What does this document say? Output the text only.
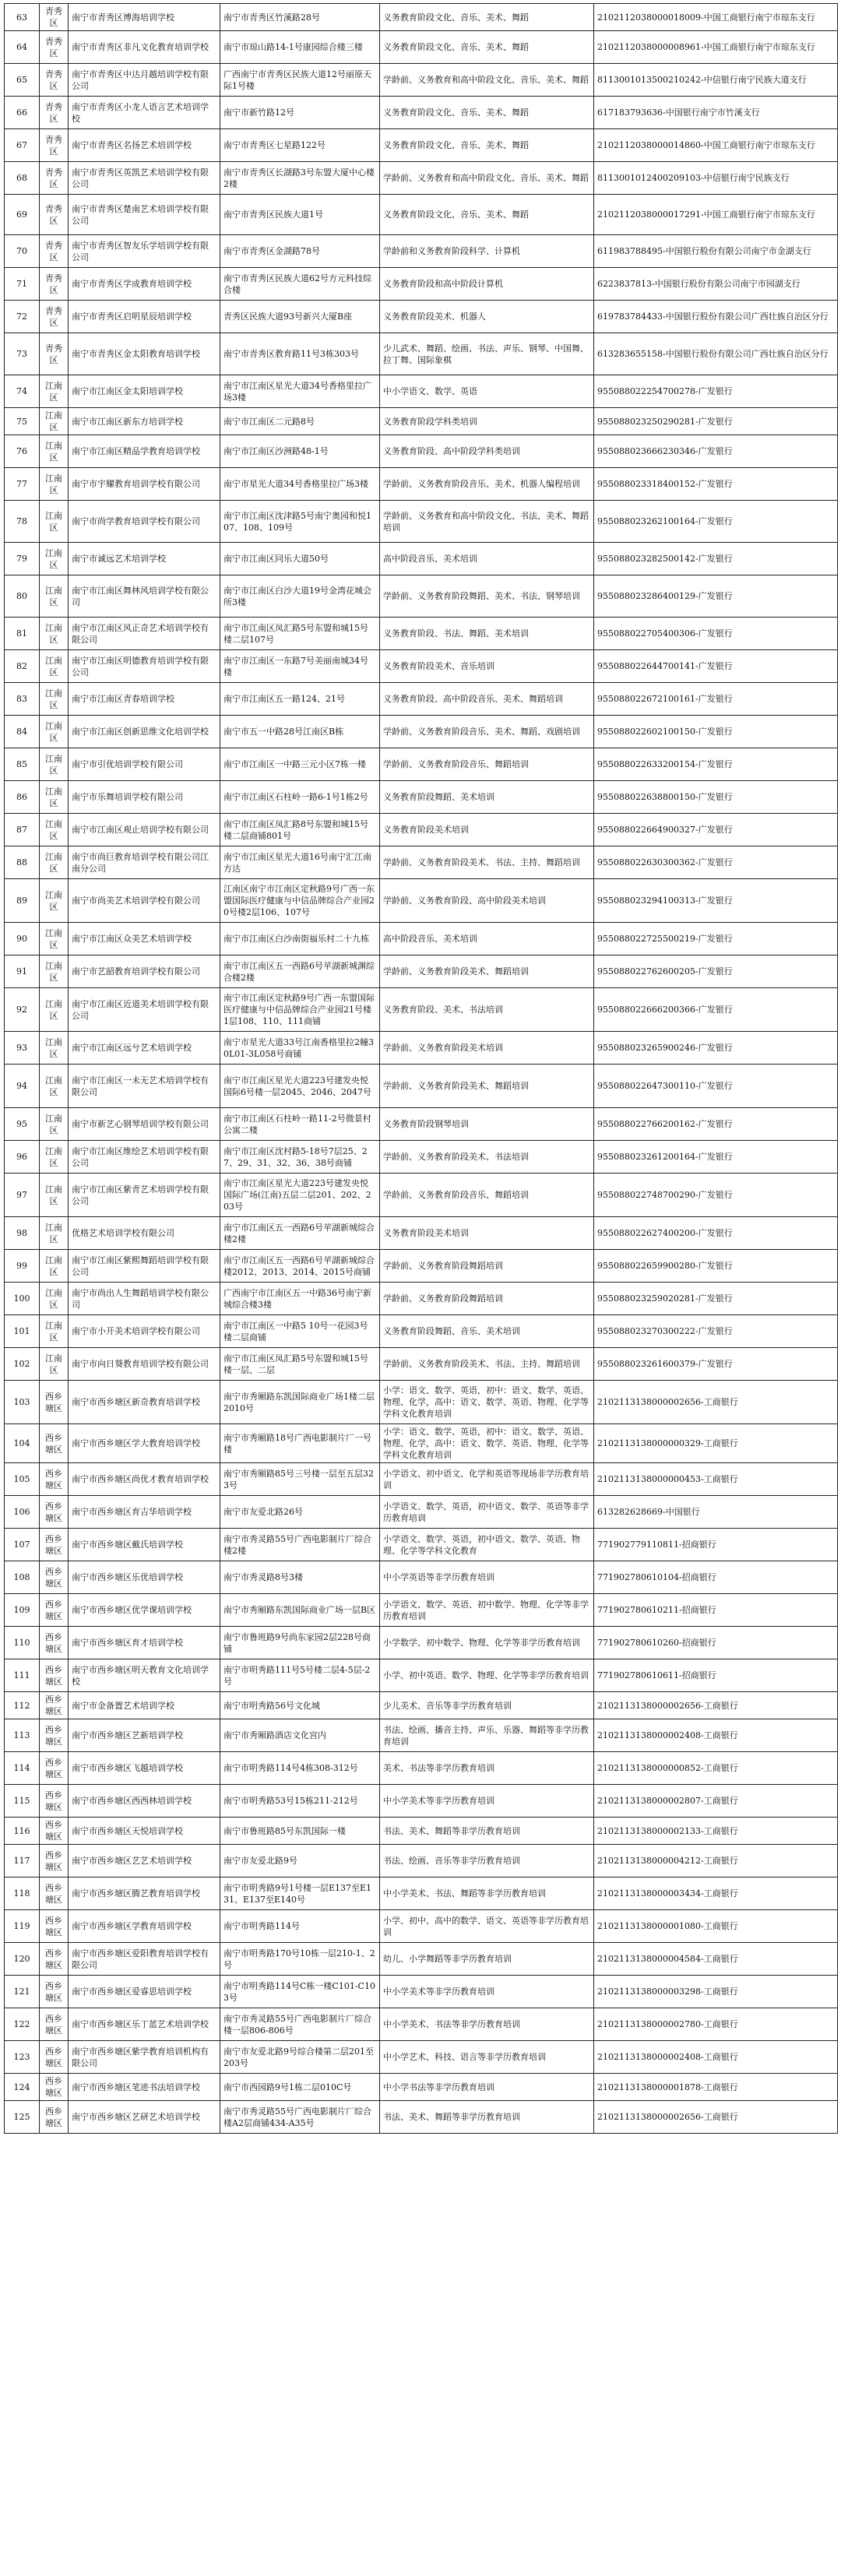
63	青秀区	南宁市青秀区博海培训学校	南宁市青秀区竹溪路28号	义务教育阶段文化、音乐、美术、舞蹈	2102112038000018009-中国工商银行南宁市琼东支行
64	青秀区	南宁市青秀区非凡文化教育培训学校	南宁市琼山路14-1号康园综合楼三楼	义务教育阶段文化、音乐、美术、舞蹈	2102112038000008961-中国工商银行南宁市琼东支行
65	青秀区	南宁市青秀区中达月越培训学校有限公司	广西南宁市青秀区民族大道12号丽原天际1号楼	学龄前、义务教育和高中阶段文化、音乐、美术、舞蹈	8113001013500210242-中信银行南宁民族大道支行
66	青秀区	南宁市青秀区小龙人语言艺术培训学校	南宁市新竹路12号	义务教育阶段文化、音乐、美术、舞蹈	617183793636-中国银行南宁市竹溪支行
67	青秀区	南宁市青秀区名扬艺术培训学校	南宁市青秀区七星路122号	义务教育阶段文化、音乐、美术、舞蹈	2102112038000014860-中国工商银行南宁市琼东支行
68	青秀区	南宁市青秀区英凯艺术培训学校有限公司	南宁市青秀区长湖路3号东盟大厦中心楼2楼	学龄前、义务教育和高中阶段文化、音乐、美术、舞蹈	8113001012400209103-中信银行南宁民族支行
69	青秀区	南宁市青秀区楚南艺术培训学校有限公司	南宁市青秀区民族大道1号	义务教育阶段文化、音乐、美术、舞蹈	2102112038000017291-中国工商银行南宁市琼东支行
70	青秀区	南宁市青秀区智友乐学培训学校有限公司	南宁市青秀区金湖路78号	学龄前和义务教育阶段科学、计算机	611983788495-中国银行股份有限公司南宁市金湖支行
71	青秀区	南宁市青秀区学成教育培训学校	南宁市青秀区民族大道62号方元科技综合楼	义务教育阶段和高中阶段计算机	6223837813-中国银行股份有限公司南宁市园湖支行
72	青秀区	南宁市青秀区启明星辰培训学校	青秀区民族大道93号新兴大厦B座	义务教育阶段美术、机器人	619783784433-中国银行股份有限公司广西壮族自治区分行
73	青秀区	南宁市青秀区金太阳教育培训学校	南宁市青秀区教育路11号3栋303号	少儿武术、舞蹈、绘画、书法、声乐、钢琴、中国舞、拉丁舞、国际象棋	613283655158-中国银行股份有限公司广西壮族自治区分行
74	江南区	南宁市江南区金太阳培训学校	南宁市江南区星光大道34号香格里拉广场3楼	中小学语文、数学、英语	955088022254700278-广发银行
75	江南区	南宁市江南区新东方培训学校	南宁市江南区二元路8号	义务教育阶段学科类培训	955088023250290281-广发银行
76	江南区	南宁市江南区精品学教育培训学校	南宁市江南区沙洲路48-1号	义务教育阶段、高中阶段学科类培训	955088023666230346-广发银行
77	江南区	南宁市宇耀教育培训学校有限公司	南宁市星光大道34号香格里拉广场3楼	学龄前、义务教育阶段音乐、美术、机器人编程培训	955088023318400152-广发银行
78	江南区	南宁市尚学教育培训学校有限公司	南宁市江南区沈津路5号南宁奥园和悦107、108、109号	学龄前、义务教育和高中阶段文化、书法、美术、舞蹈培训	955088023262100164-广发银行
79	江南区	南宁市诚远艺术培训学校	南宁市江南区同乐大道50号	高中阶段音乐、美术培训	955088023282500142-广发银行
80	江南区	南宁市江南区舞林风培训学校有限公司	南宁市江南区白沙大道19号金湾花城会所3楼	学龄前、义务教育阶段舞蹈、美术、书法、钢琴培训	955088023286400129-广发银行
81	江南区	南宁市江南区风正奇艺术培训学校有限公司	南宁市江南区凤汇路5号东盟和城15号楼二层107号	义务教育阶段、书法、舞蹈、美术培训	955088022705400306-广发银行
82	江南区	南宁市江南区明德教育培训学校有限公司	南宁市江南区一东路7号美丽南城34号楼	义务教育阶段美术、音乐培训	955088022644700141-广发银行
83	江南区	南宁市江南区青春培训学校	南宁市江南区五一路124、21号	义务教育阶段、高中阶段音乐、美术、舞蹈培训	955088022672100161-广发银行
84	江南区	南宁市江南区创新思维文化培训学校	南宁市五一中路28号江南区B栋	学龄前、义务教育阶段音乐、美术、舞蹈、戏剧培训	955088022602100150-广发银行
85	江南区	南宁市引优培训学校有限公司	南宁市江南区一中路三元小区7栋一楼	学龄前、义务教育阶段音乐、舞蹈培训	955088022633200154-广发银行
86	江南区	南宁市乐舞培训学校有限公司	南宁市江南区石柱岭一路6-1号1栋2号	义务教育阶段舞蹈、美术培训	955088022638800150-广发银行
87	江南区	南宁市江南区观止培训学校有限公司	南宁市江南区凤汇路8号东盟和城15号楼二层商铺801号	义务教育阶段美术培训	955088022664900327-广发银行
88	江南区	南宁市尚巨教育培训学校有限公司江南分公司	南宁市江南区星光大道16号南宁汇江南方达	学龄前、义务教育阶段美术、书法、主持、舞蹈培训	955088022630300362-广发银行
89	江南区	南宁市尚美艺术培训学校有限公司	江南区南宁市江南区定秋路9号广西一东盟国际医疗健康与中信品牌综合产业园20号楼2层106、107号	学龄前、义务教育阶段、高中阶段美术培训	955088023294100313-广发银行
90	江南区	南宁市江南区众美艺术培训学校	南宁市江南区白沙南街福乐村二十九栋	高中阶段音乐、美术培训	955088022725500219-广发银行
91	江南区	南宁市艺韶教育培训学校有限公司	南宁市江南区五一西路6号苹湖新城渊综合楼2楼	学龄前、义务教育阶段美术、舞蹈培训	955088022762600205-广发银行
92	江南区	南宁市江南区近道美术培训学校有限公司	南宁市江南区定秋路9号广西一东盟国际医疗健康与中信品牌综合产业园21号楼1层108、110、111商铺	义务教育阶段、美术、书法培训	955088022666200366-广发银行
93	江南区	南宁市江南区远兮艺术培训学校	南宁市星光大道33号江南香格里拉2幢30L01-3L058号商铺	学龄前、义务教育阶段美术培训	955088023265900246-广发银行
94	江南区	南宁市江南区一未无艺术培训学校有限公司	南宁市江南区星光大道223号建发央悦国际6号楼一层2045、2046、2047号	学龄前、义务教育阶段美术、舞蹈培训	955088022647300110-广发银行
95	江南区	南宁市新艺心钢琴培训学校有限公司	南宁市江南区石柱岭一路11-2号微景村公寓二楼	义务教育阶段钢琴培训	955088022766200162-广发银行
96	江南区	南宁市江南区维绘艺术培训学校有限公司	南宁市江南区沈村路5-18号7层25、27、29、31、32、36、38号商铺	学龄前、义务教育阶段美术、书法培训	955088023261200164-广发银行
97	江南区	南宁市江南区紫青艺术培训学校有限公司	南宁市江南区星光大道223号建发央悦国际广场(江南)五层二层201、202、203号	学龄前、义务教育阶段音乐、舞蹈培训	955088022748700290-广发银行
98	江南区	优格艺术培训学校有限公司	南宁市江南区五一西路6号苹湖新城综合楼2楼	义务教育阶段美术培训	955088022627400200-广发银行
99	江南区	南宁市江南区紫熙舞蹈培训学校有限公司	南宁市江南区五一西路6号苹湖新城综合楼2012、2013、2014、2015号商铺	学龄前、义务教育阶段舞蹈培训	955088022659900280-广发银行
100	江南区	南宁市尚出人生舞蹈培训学校有限公司	广西南宁市江南区五一中路36号南宁新城综合楼3楼	学龄前、义务教育阶段舞蹈培训	955088023259020281-广发银行
101	江南区	南宁市小开美术培训学校有限公司	南宁市江南区一中路5 10号一花园3号楼二层商铺	义务教育阶段舞蹈、音乐、美术培训	955088023270300222-广发银行
102	江南区	南宁市向日葵教育培训学校有限公司	南宁市江南区凤汇路5号东盟和城15号楼一层、二层	学龄前、义务教育阶段美术、书法、主持、舞蹈培训	955088023261600379-广发银行
103	西乡塘区	南宁市西乡塘区新奇教育培训学校	南宁市秀厢路东凯国际商业广场1楼二层2010号	小学：语文、数学、英语，初中：语文、数学、英语、物理、化学，高中：语文、数学、英语、物理、化学等学科文化教育培训	2102113138000002656-工商银行
104	西乡塘区	南宁市西乡塘区学大教育培训学校	南宁市秀厢路18号广西电影制片厂一号楼	小学：语文、数学、英语，初中：语文、数学、英语、物理、化学，高中：语文、数学、英语、物理、化学等学科文化教育培训	2102113138000000329-工商银行
105	西乡塘区	南宁市西乡塘区尚优才教育培训学校	南宁市秀厢路85号三号楼一层至五层323号	小学语文、初中语文、化学和英语等现场非学历教育培训	2102113138000000453-工商银行
106	西乡塘区	南宁市西乡塘区育吉华培训学校	南宁市友爱北路26号	小学语文、数学、英语，初中语文、数学、英语等非学历教育培训	613282628669-中国银行
107	西乡塘区	南宁市西乡塘区戴氏培训学校	南宁市秀灵路55号广西电影制片厂综合楼2楼	小学语文、数学、英语，初中语文、数学、英语、物理、化学等学科文化教育	771902779110811-招商银行
108	西乡塘区	南宁市西乡塘区乐优培训学校	南宁市秀灵路8号3楼	中小学英语等非学历教育培训	771902780610104-招商银行
109	西乡塘区	南宁市西乡塘区优学课培训学校	南宁市秀厢路东凯国际商业广场一层B区	小学语文、数学、英语、初中数学、物理、化学等非学历教育培训	771902780610211-招商银行
110	西乡塘区	南宁市西乡塘区育才培训学校	南宁市鲁班路9号尚东家园2层228号商铺	小学数学、初中数学、物理、化学等非学历教育培训	771902780610260-招商银行
111	西乡塘区	南宁市西乡塘区明天教育文化培训学校	南宁市明秀路111号5号楼二层4-5层-2号	小学、初中英语、数学、物理、化学等非学历教育培训	771902780610611-招商银行
112	西乡塘区	南宁市金备置艺术培训学校	南宁市明秀路56号文化城	少儿美术、音乐等非学历教育培训	2102113138000002656-工商银行
113	西乡塘区	南宁市西乡塘区艺新培训学校	南宁市秀厢路酒店文化宫内	书法、绘画、播音主持、声乐、乐器、舞蹈等非学历教育培训	2102113138000002408-工商银行
114	西乡塘区	南宁市西乡塘区飞越培训学校	南宁市明秀路114号4栋308-312号	美术、书法等非学历教育培训	2102113138000000852-工商银行
115	西乡塘区	南宁市西乡塘区西西林培训学校	南宁市明秀路53号15栋211-212号	中小学美术等非学历教育培训	2102113138000002807-工商银行
116	西乡塘区	南宁市西乡塘区天悦培训学校	南宁市鲁班路85号东凯国际一楼	书法、美术、舞蹈等非学历教育培训	2102113138000002133-工商银行
117	西乡塘区	南宁市西乡塘区艺艺术培训学校	南宁市友爱北路9号	书法、绘画、音乐等非学历教育培训	2102113138000004212-工商银行
118	西乡塘区	南宁市西乡塘区腾艺教育培训学校	南宁市明秀路9号1号楼一层E137至E131、E137至E140号	中小学美术、书法、舞蹈等非学历教育培训	2102113138000003434-工商银行
119	西乡塘区	南宁市西乡塘区学教育培训学校	南宁市明秀路114号	小学、初中、高中的数学、语文、英语等非学历教育培训	2102113138000001080-工商银行
120	西乡塘区	南宁市西乡塘区爱阳教育培训学校有限公司	南宁市明秀路170号10栋一层210-1、2号	幼儿、小学舞蹈等非学历教育培训	2102113138000004584-工商银行
121	西乡塘区	南宁市西乡塘区爱睿思培训学校	南宁市明秀路114号C栋一楼C101-C103号	中小学美术等非学历教育培训	2102113138000003298-工商银行
122	西乡塘区	南宁市西乡塘区乐丁蓝艺术培训学校	南宁市秀灵路55号广西电影制片厂综合楼一层806-806号	中小学美术、书法等非学历教育培训	2102113138000002780-工商银行
123	西乡塘区	南宁市西乡塘区紫学教育培训机构有限公司	南宁市友爱北路9号综合楼第二层201至203号	中小学艺术、科技、语言等非学历教育培训	2102113138000002408-工商银行
124	西乡塘区	南宁市西乡塘区笔迹书法培训学校	南宁市西园路9号1栋二层010C号	中小学书法等非学历教育培训	2102113138000001878-工商银行
125	西乡塘区	南宁市西乡塘区艺研艺术培训学校	南宁市秀灵路55号广西电影制片厂综合楼A2层商铺434-A35号	书法、美术、舞蹈等非学历教育培训	2102113138000002656-工商银行
